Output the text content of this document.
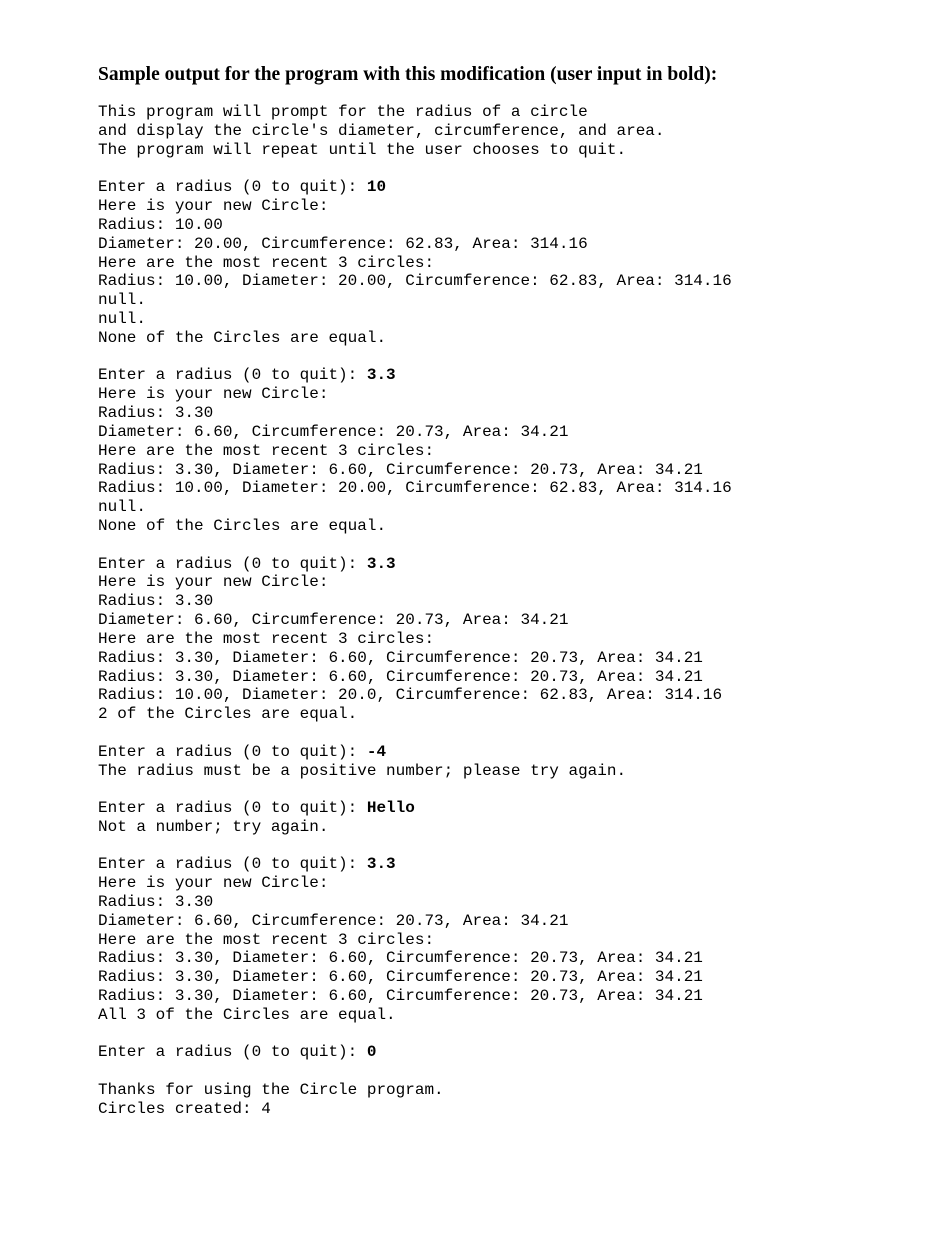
Sample output for the program with this modification (user input in bold):
This program will prompt for the radius of a circle
and display the circle's diameter, circumference, and area.
The program will repeat until the user chooses to quit.
Enter a radius (0 to quit): 10
Here is your new Circle:
Radius: 10.00
Diameter: 20.00, Circumference: 62.83, Area: 314.16
Here are the most recent 3 circles:
Radius: 10.00, Diameter: 20.00, Circumference: 62.83, Area: 314.16
null.
null.
None of the Circles are equal.
Enter a radius (0 to quit): 3.3
Here is your new Circle:
Radius: 3.30
Diameter: 6.60, Circumference: 20.73, Area: 34.21
Here are the most recent 3 circles:
Radius: 3.30, Diameter: 6.60, Circumference: 20.73, Area: 34.21
Radius: 10.00, Diameter: 20.00, Circumference: 62.83, Area: 314.16
null.
None of the Circles are equal.
Enter a radius (0 to quit): 3.3
Here is your new Circle:
Radius: 3.30
Diameter: 6.60, Circumference: 20.73, Area: 34.21
Here are the most recent 3 circles:
Radius: 3.30, Diameter: 6.60, Circumference: 20.73, Area: 34.21
Radius: 3.30, Diameter: 6.60, Circumference: 20.73, Area: 34.21
Radius: 10.00, Diameter: 20.0, Circumference: 62.83, Area: 314.16
2 of the Circles are equal.
Enter a radius (0 to quit): -4
The radius must be a positive number; please try again.
Enter a radius (0 to quit): Hello
Not a number; try again.
Enter a radius (0 to quit): 3.3
Here is your new Circle:
Radius: 3.30
Diameter: 6.60, Circumference: 20.73, Area: 34.21
Here are the most recent 3 circles:
Radius: 3.30, Diameter: 6.60, Circumference: 20.73, Area: 34.21
Radius: 3.30, Diameter: 6.60, Circumference: 20.73, Area: 34.21
Radius: 3.30, Diameter: 6.60, Circumference: 20.73, Area: 34.21
All 3 of the Circles are equal.
Enter a radius (0 to quit): 0
Thanks for using the Circle program.
Circles created: 4
